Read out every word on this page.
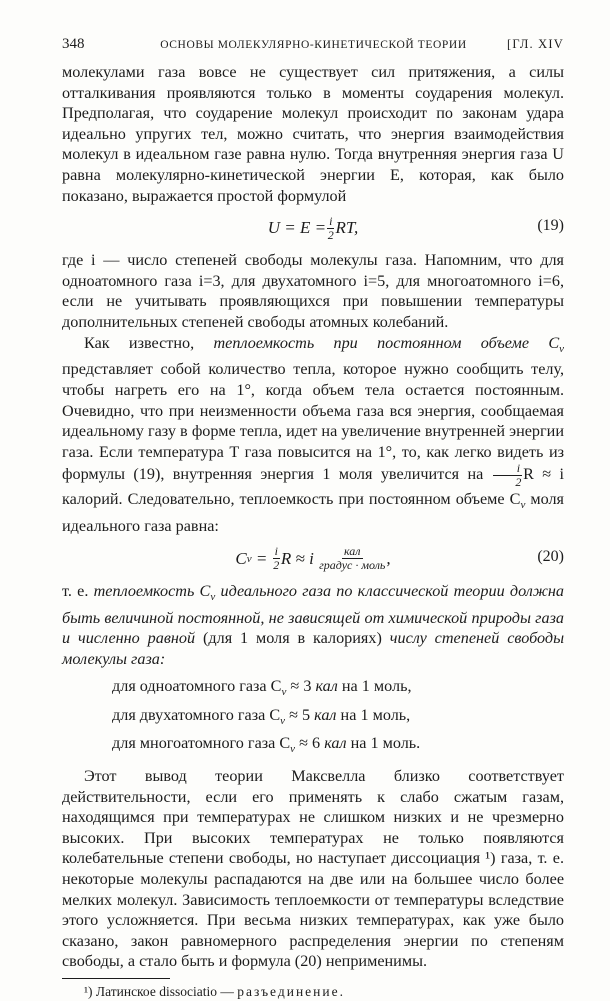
348	ОСНОВЫ МОЛЕКУЛЯРНО-КИНЕТИЧЕСКОЙ ТЕОРИИ	[ГЛ. XIV

молекулами газа вовсе не существует сил притяжения, а силы отталкивания проявляются только в моменты соударения молекул. Предполагая, что соударение молекул происходит по законам удара идеально упругих тел, можно считать, что энергия взаимодействия молекул в идеальном газе равна нулю. Тогда внутренняя энергия газа U равна молекулярно-кинетической энергии E, которая, как было показано, выражается простой формулой

$U = E = \frac{i}{2}$ RT,	(19)

где i — число степеней свободы молекулы газа. Напомним, что для одноатомного газа i=3, для двухатомного i=5, для многоатомного i=6, если не учитывать проявляющихся при повышении температуры дополнительных степеней свободы атомных колебаний.

Как известно, теплоемкость при постоянном объеме $C_v$ представляет собой количество тепла, которое нужно сообщить телу, чтобы нагреть его на 1°, когда объем тела остается постоянным. Очевидно, что при неизменности объема газа вся энергия, сообщаемая идеальному газу в форме тепла, идет на увеличение внутренней энергии газа. Если температура T газа повысится на 1°, то, как легко видеть из формулы (19), внутренняя энергия 1 моля увеличится на $\frac{i}{2}$ R ≈ i калорий. Следовательно, теплоемкость при постоянном объеме $C_v$ моля идеального газа равна:

C v
=
$\frac{i}{2}$ R ≈ i
$\frac{\text{кал}}{\text{градус · моль}}$ ,	(20)

т. е. теплоемкость $C_v$ идеального газа по классической теории должна быть величиной постоянной, не зависящей от химической природы газа и численно равной (для 1 моля в калориях) числу степеней свободы молекулы газа:

для одноатомного газа $C_v \approx 3$ кал на 1 моль,
для двухатомного газа $C_v \approx 5$ кал на 1 моль,
для многоатомного газа $C_v \approx 6$ кал на 1 моль.

Этот вывод теории Максвелла близко соответствует действительности, если его применять к слабо сжатым газам, находящимся при температурах не слишком низких и не чрезмерно высоких. При высоких температурах не только появляются колебательные степени свободы, но наступает диссоциация ¹) газа, т. е. некоторые молекулы распадаются на две или на большее число более мелких молекул. Зависимость теплоемкости от температуры вследствие этого усложняется. При весьма низких температурах, как уже было сказано, закон равномерного распределения энергии по степеням свободы, а стало быть и формула (20) неприменимы.

¹) Латинское dissociatio — разъединение.
